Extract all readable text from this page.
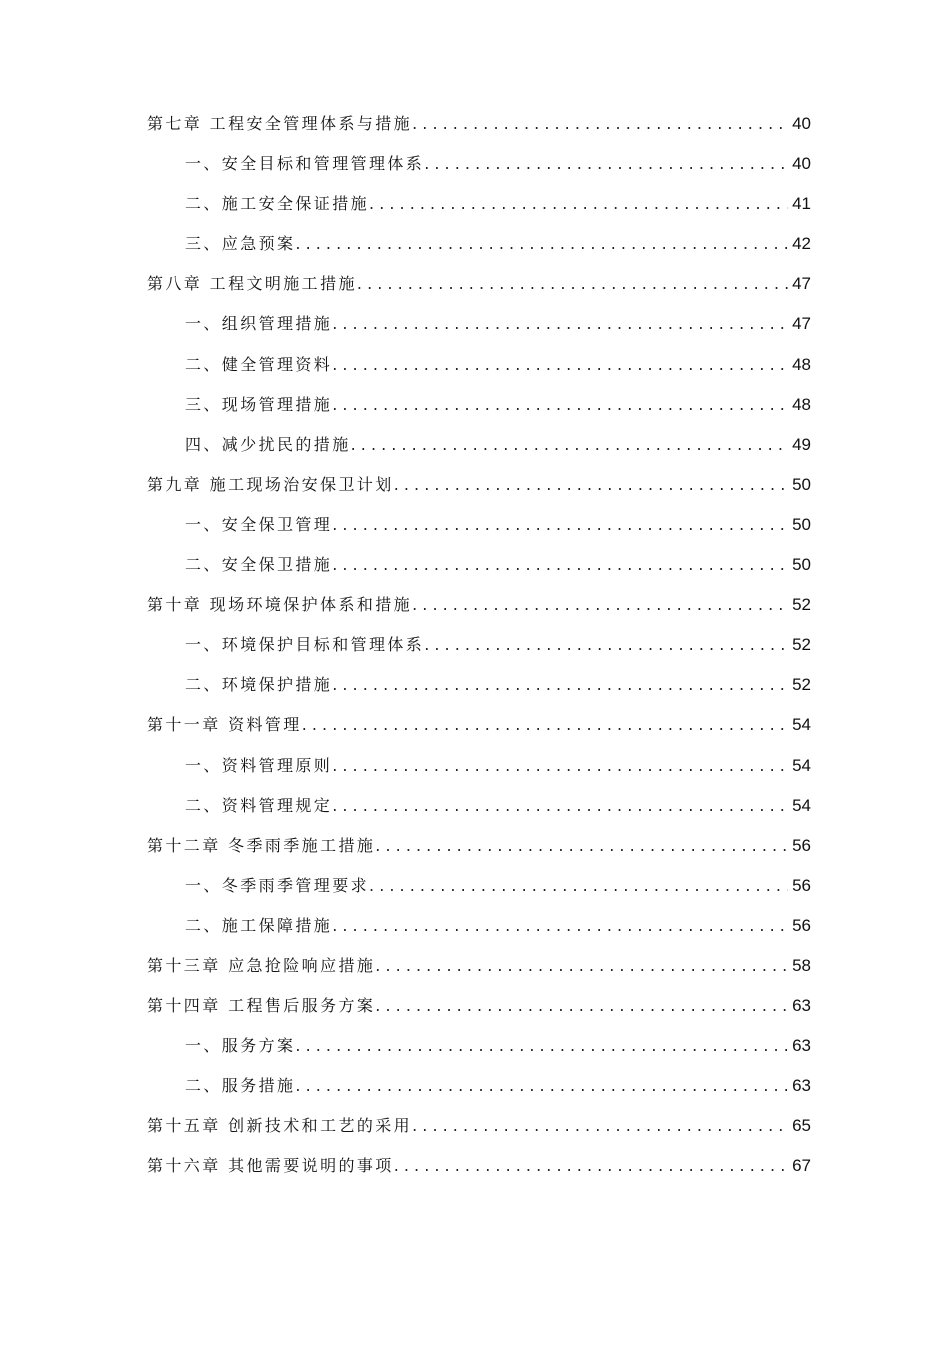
第七章 工程安全管理体系与措施 . . .	40
一、安全目标和管理管理体系 . . .	40
二、施工安全保证措施 . . .	41
三、应急预案 . . .	42
第八章 工程文明施工措施 . . .	47
一、组织管理措施 . . .	47
二、健全管理资料 . . .	48
三、现场管理措施 . . .	48
四、减少扰民的措施 . . .	49
第九章 施工现场治安保卫计划 . . .	50
一、安全保卫管理 . . .	50
二、安全保卫措施 . . .	50
第十章 现场环境保护体系和措施 . . .	52
一、环境保护目标和管理体系 . . .	52
二、环境保护措施 . . .	52
第十一章 资料管理 . . .	54
一、资料管理原则 . . .	54
二、资料管理规定 . . .	54
第十二章 冬季雨季施工措施 . . .	56
一、冬季雨季管理要求 . . .	56
二、施工保障措施 . . .	56
第十三章 应急抢险响应措施 . . .	58
第十四章 工程售后服务方案 . . .	63
一、服务方案 . . .	63
二、服务措施 . . .	63
第十五章 创新技术和工艺的采用 . . .	65
第十六章 其他需要说明的事项 . . .	67
